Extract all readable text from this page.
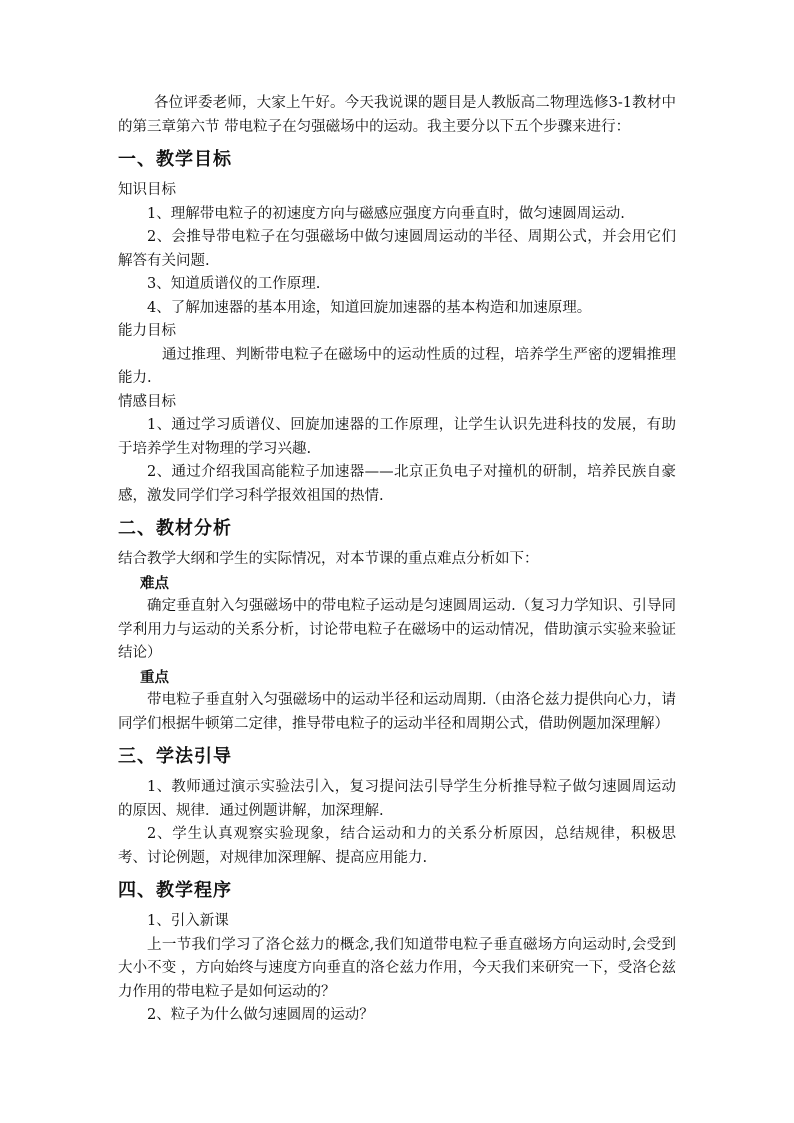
各位评委老师，大家上午好。今天我说课的题目是人教版高二物理选修3-1教材中的第三章第六节 带电粒子在匀强磁场中的运动。我主要分以下五个步骤来进行：

一、教学目标

知识目标

1、理解带电粒子的初速度方向与磁感应强度方向垂直时，做匀速圆周运动.

2、会推导带电粒子在匀强磁场中做匀速圆周运动的半径、周期公式，并会用它们解答有关问题.

3、知道质谱仪的工作原理.

4、了解加速器的基本用途，知道回旋加速器的基本构造和加速原理。

能力目标

通过推理、判断带电粒子在磁场中的运动性质的过程，培养学生严密的逻辑推理能力.

情感目标

1、通过学习质谱仪、回旋加速器的工作原理，让学生认识先进科技的发展，有助于培养学生对物理的学习兴趣.

2、通过介绍我国高能粒子加速器——北京正负电子对撞机的研制，培养民族自豪感，激发同学们学习科学报效祖国的热情.

二、教材分析

结合教学大纲和学生的实际情况，对本节课的重点难点分析如下：

难点

确定垂直射入匀强磁场中的带电粒子运动是匀速圆周运动.（复习力学知识、引导同学利用力与运动的关系分析，讨论带电粒子在磁场中的运动情况，借助演示实验来验证结论）

重点

带电粒子垂直射入匀强磁场中的运动半径和运动周期.（由洛仑兹力提供向心力，请同学们根据牛顿第二定律，推导带电粒子的运动半径和周期公式，借助例题加深理解）

三、学法引导

1、教师通过演示实验法引入，复习提问法引导学生分析推导粒子做匀速圆周运动的原因、规律．通过例题讲解，加深理解.

2、学生认真观察实验现象，结合运动和力的关系分析原因，总结规律，积极思考、讨论例题，对规律加深理解、提高应用能力.

四、教学程序

1、引入新课

上一节我们学习了洛仑兹力的概念,我们知道带电粒子垂直磁场方向运动时,会受到大小不变 ，方向始终与速度方向垂直的洛仑兹力作用，今天我们来研究一下，受洛仑兹力作用的带电粒子是如何运动的？

2、粒子为什么做匀速圆周的运动？
